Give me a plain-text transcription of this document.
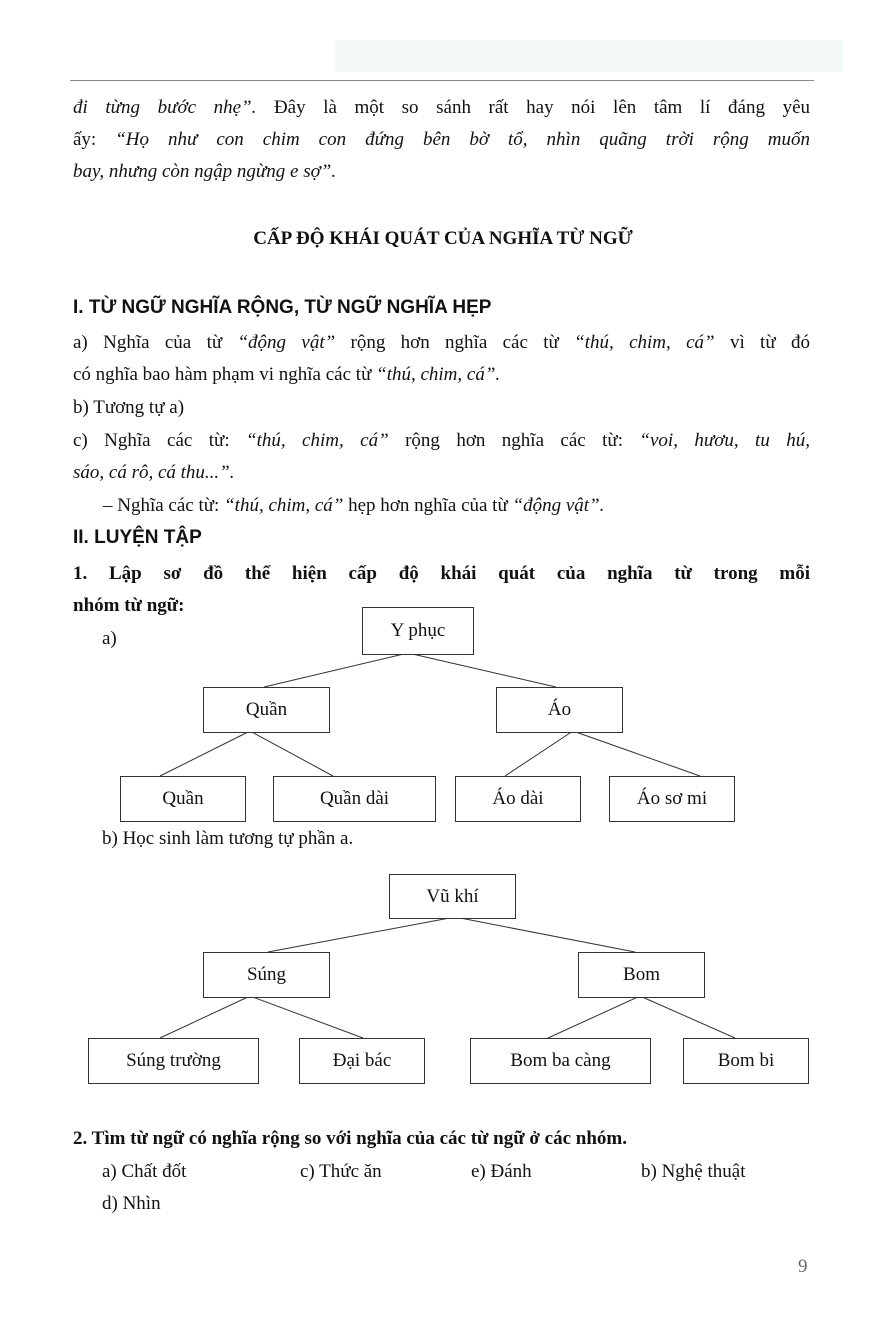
đi từng bước nhẹ”. Đây là một so sánh rất hay nói lên tâm lí đáng yêu
ấy: “Họ như con chim con đứng bên bờ tổ, nhìn quãng trời rộng muốn
bay, nhưng còn ngập ngừng e sợ”.
CẤP ĐỘ KHÁI QUÁT CỦA NGHĨA TỪ NGỮ
I. TỪ NGỮ NGHĨA RỘNG, TỪ NGỮ NGHĨA HẸP
a) Nghĩa của từ “động vật” rộng hơn nghĩa các từ “thú, chim, cá” vì từ đó
có nghĩa bao hàm phạm vi nghĩa các từ “thú, chim, cá”.
b) Tương tự a)
c) Nghĩa các từ: “thú, chim, cá” rộng hơn nghĩa các từ: “voi, hươu, tu hú,
sáo, cá rô, cá thu...”.
– Nghĩa các từ: “thú, chim, cá” hẹp hơn nghĩa của từ “động vật”.
II. LUYỆN TẬP
1. Lập sơ đồ thể hiện cấp độ khái quát của nghĩa từ trong mỗi
nhóm từ ngữ:
a)	Y phục
Quần	Áo
Quần	Quần dài	Áo dài	Áo sơ mi
b) Học sinh làm tương tự phần a.
Vũ khí
Súng	Bom
Súng trường	Đại bác	Bom ba càng	Bom bi
2. Tìm từ ngữ có nghĩa rộng so với nghĩa của các từ ngữ ở các nhóm.
a) Chất đốt	c) Thức ăn	e) Đánh	b) Nghệ thuật
d) Nhìn
9
